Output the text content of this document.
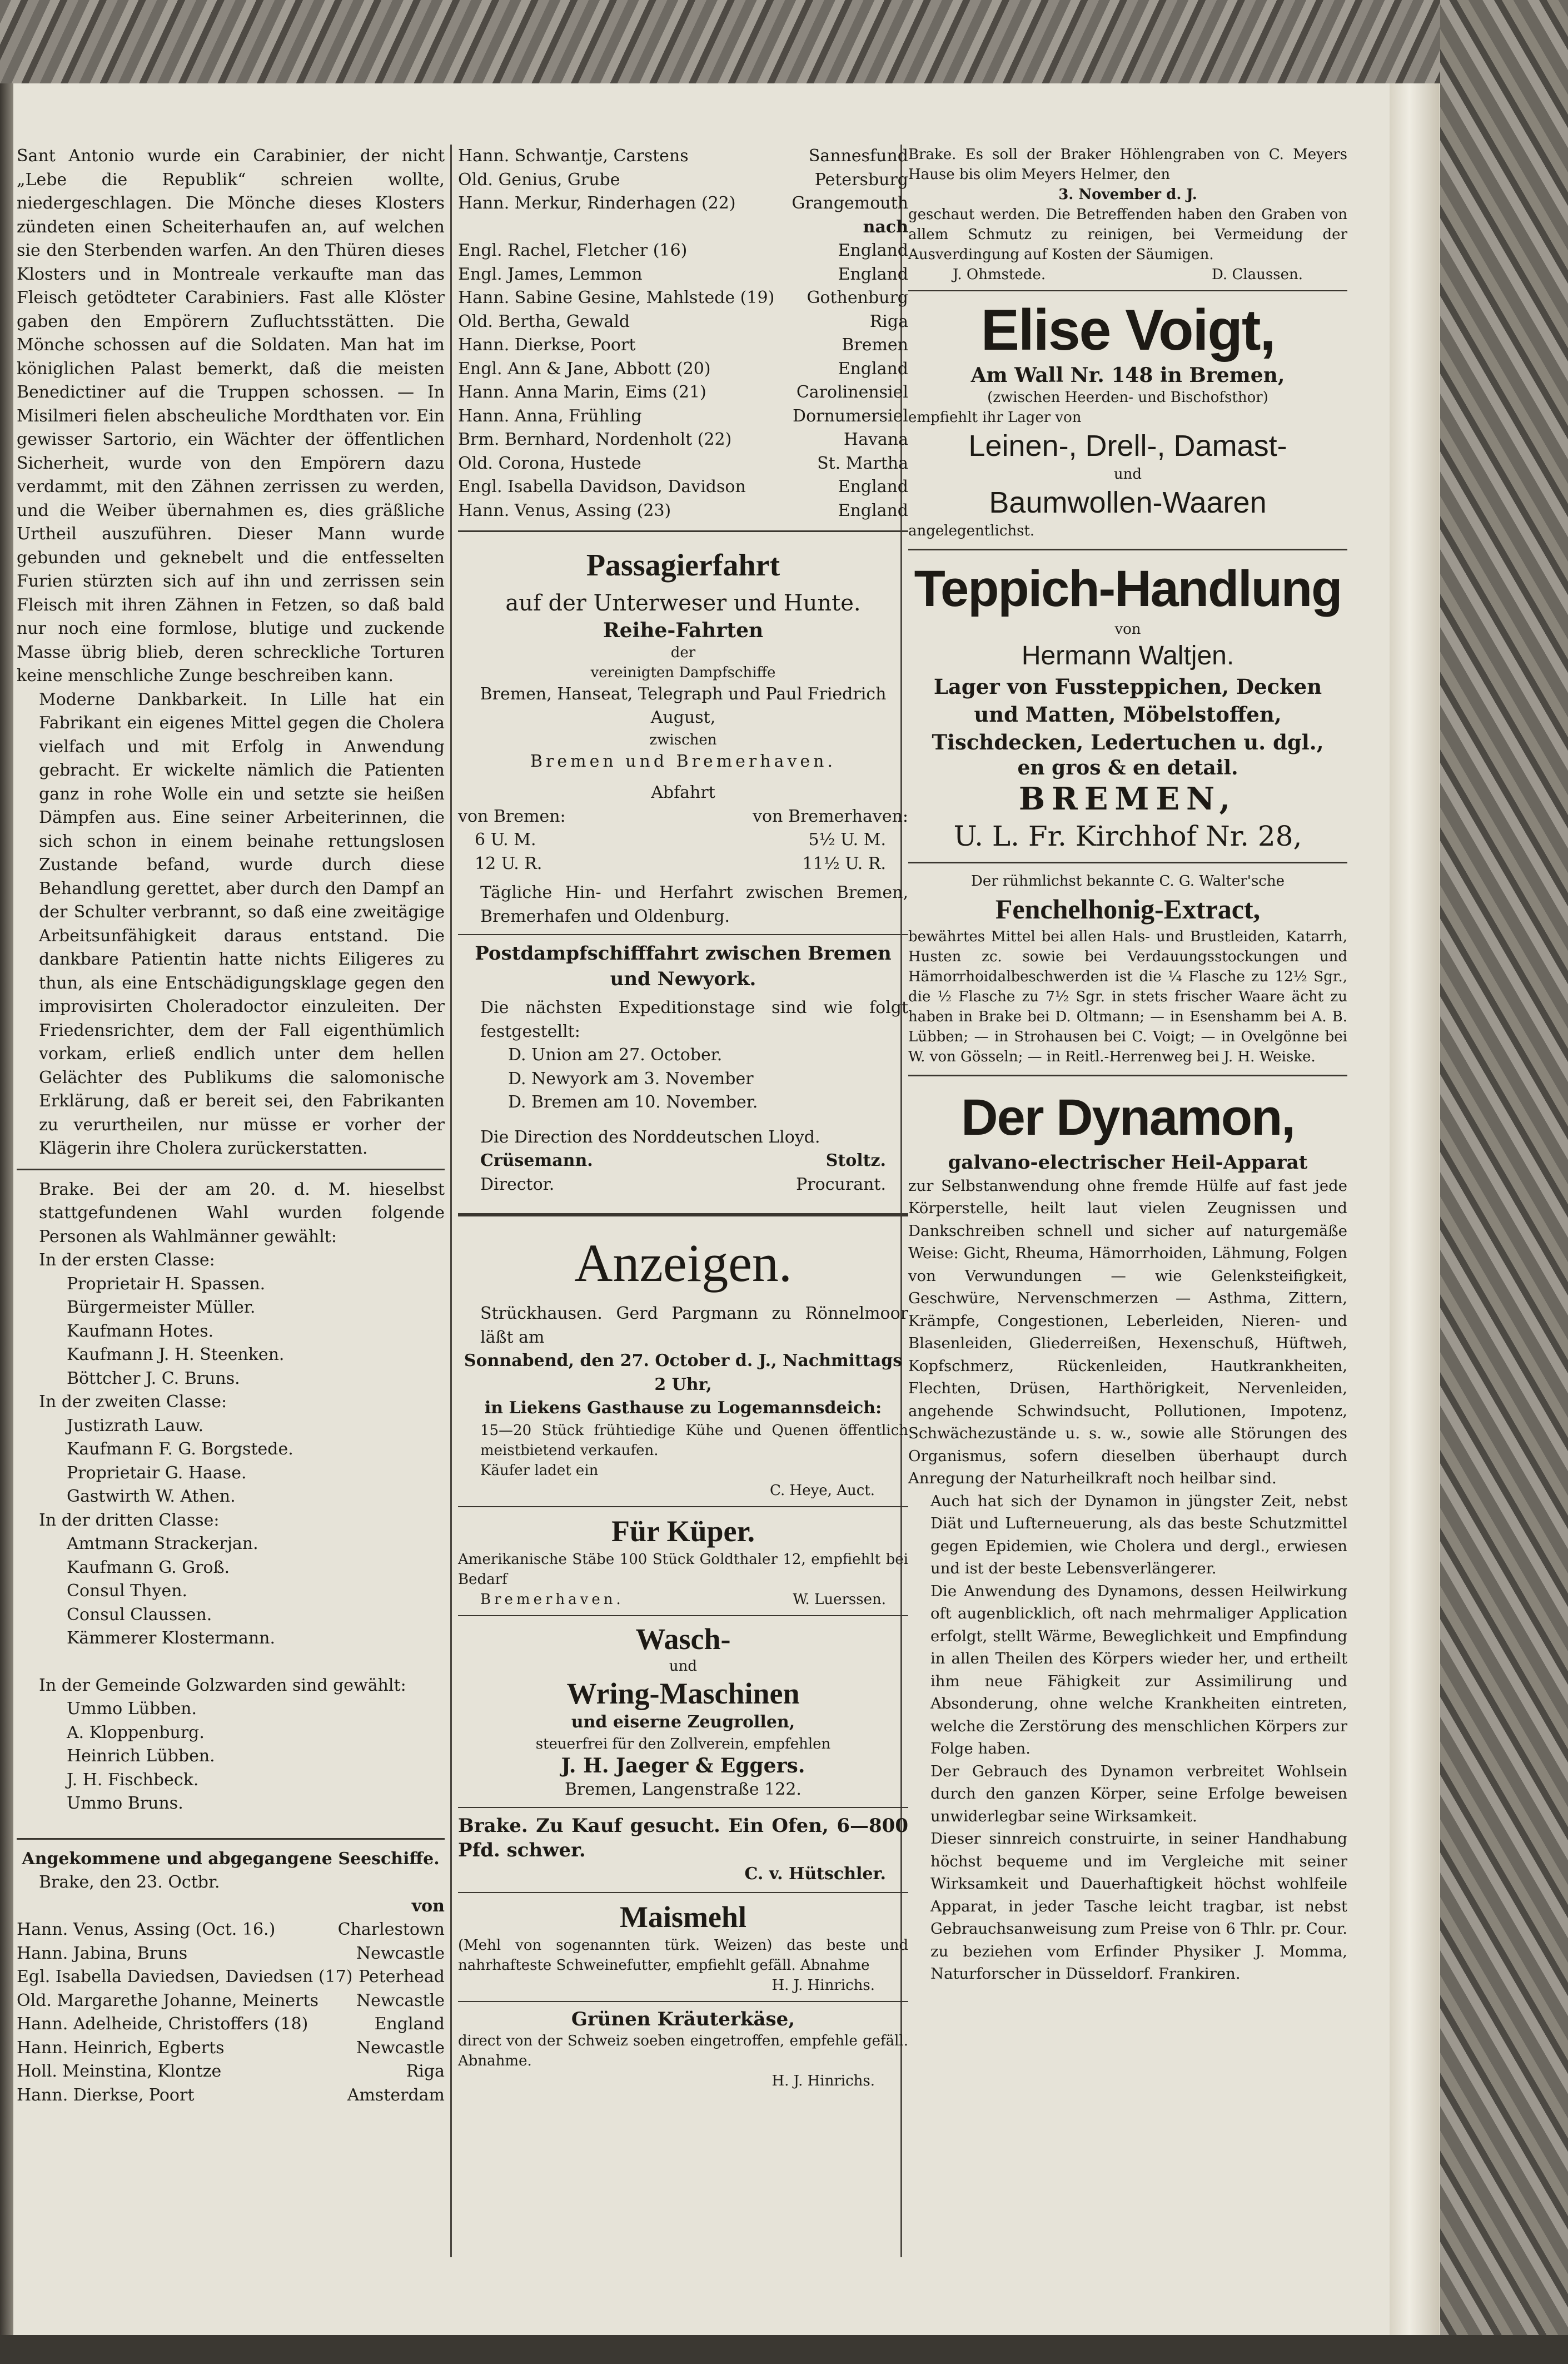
Sant Antonio wurde ein Carabinier, der nicht „Lebe die Republik“ schreien wollte, niedergeschlagen. Die Mönche dieses Klosters zündeten einen Scheiterhaufen an, auf welchen sie den Sterbenden warfen. An den Thüren dieses Klosters und in Montreale verkaufte man das Fleisch getödteter Carabiniers. Fast alle Klöster gaben den Empörern Zufluchtsstätten. Die Mönche schossen auf die Soldaten. Man hat im königlichen Palast bemerkt, daß die meisten Benedictiner auf die Truppen schossen. — In Misilmeri fielen abscheuliche Mordthaten vor. Ein gewisser Sartorio, ein Wächter der öffentlichen Sicherheit, wurde von den Empörern dazu verdammt, mit den Zähnen zerrissen zu werden, und die Weiber übernahmen es, dies gräßliche Urtheil auszuführen. Dieser Mann wurde gebunden und geknebelt und die entfesselten Furien stürzten sich auf ihn und zerrissen sein Fleisch mit ihren Zähnen in Fetzen, so daß bald nur noch eine formlose, blutige und zuckende Masse übrig blieb, deren schreckliche Torturen keine menschliche Zunge beschreiben kann.

Moderne Dankbarkeit. In Lille hat ein Fabrikant ein eigenes Mittel gegen die Cholera vielfach und mit Erfolg in Anwendung gebracht. Er wickelte nämlich die Patienten ganz in rohe Wolle ein und setzte sie heißen Dämpfen aus. Eine seiner Arbeiterinnen, die sich schon in einem beinahe rettungslosen Zustande befand, wurde durch diese Behandlung gerettet, aber durch den Dampf an der Schulter verbrannt, so daß eine zweitägige Arbeitsunfähigkeit daraus entstand. Die dankbare Patientin hatte nichts Eiligeres zu thun, als eine Entschädigungsklage gegen den improvisirten Choleradoctor einzuleiten. Der Friedensrichter, dem der Fall eigenthümlich vorkam, erließ endlich unter dem hellen Gelächter des Publikums die salomonische Erklärung, daß er bereit sei, den Fabrikanten zu verurtheilen, nur müsse er vorher der Klägerin ihre Cholera zurückerstatten.

Brake. Bei der am 20. d. M. hieselbst stattgefundenen Wahl wurden folgende Personen als Wahlmänner gewählt:

In der ersten Classe:
Proprietair H. Spassen.
Bürgermeister Müller.
Kaufmann Hotes.
Kaufmann J. H. Steenken.
Böttcher J. C. Bruns.
In der zweiten Classe:
Justizrath Lauw.
Kaufmann F. G. Borgstede.
Proprietair G. Haase.
Gastwirth W. Athen.
In der dritten Classe:
Amtmann Strackerjan.
Kaufmann G. Groß.
Consul Thyen.
Consul Claussen.
Kämmerer Klostermann.

In der Gemeinde Golzwarden sind gewählt:

Ummo Lübben.
A. Kloppenburg.
Heinrich Lübben.
J. H. Fischbeck.
Ummo Bruns.
Angekommene und abgegangene Seeschiffe.
Brake, den 23. Octbr.
von
Hann. Venus, Assing (Oct. 16.)	Charlestown
Hann. Jabina, Bruns	Newcastle
Egl. Isabella Daviedsen, Daviedsen (17) Peterhead
Old. Margarethe Johanne, Meinerts Newcastle
Hann. Adelheide, Christoffers (18)	England
Hann. Heinrich, Egberts	Newcastle
Holl. Meinstina, Klontze	Riga
Hann. Dierkse, Poort	Amsterdam
Hann. Schwantje, Carstens	Sannesfund
Old. Genius, Grube	Petersburg
Hann. Merkur, Rinderhagen (22)	Grangemouth
nach
Engl. Rachel, Fletcher (16)	England
Engl. James, Lemmon	England
Hann. Sabine Gesine, Mahlstede (19) Gothenburg
Old. Bertha, Gewald	Riga
Hann. Dierkse, Poort	Bremen
Engl. Ann & Jane, Abbott (20)	England
Hann. Anna Marin, Eims (21)	Carolinensiel
Hann. Anna, Frühling	Dornumersiel
Brm. Bernhard, Nordenholt (22)	Havana
Old. Corona, Hustede	St. Martha
Engl. Isabella Davidson, Davidson	England
Hann. Venus, Assing (23)	England
Passagierfahrt
auf der Unterweser und Hunte.
Reihe-Fahrten
der
vereinigten Dampfschiffe
Bremen, Hanseat, Telegraph und Paul Friedrich August,
zwischen
Bremen und Bremerhaven.
Abfahrt
von Bremen:	von Bremerhaven:
6 U. M.	5½ U. M.
12 U. R.	11½ U. R.

Tägliche Hin- und Herfahrt zwischen Bremen, Bremerhafen und Oldenburg.

Postdampfschifffahrt zwischen Bremen und Newyork.

Die nächsten Expeditionstage sind wie folgt festgestellt:

D. Union am 27. October.
D. Newyork am 3. November
D. Bremen am 10. November.
Die Direction des Norddeutschen Lloyd.
Crüsemann.	Stoltz.
Director.	Procurant.
Anzeigen.

Strückhausen. Gerd Pargmann zu Rönnelmoor läßt am

Sonnabend, den 27. October d. J., Nachmittags 2 Uhr,
in Liekens Gasthause zu Logemannsdeich:

15—20 Stück frühtiedige Kühe und Quenen öffentlich meistbietend verkaufen.

Käufer ladet ein
C. Heye, Auct.
Für Küper.

Amerikanische Stäbe 100 Stück Goldthaler 12, empfiehlt bei Bedarf

Bremerhaven.	W. Luerssen.
Wasch-
und
Wring-Maschinen
und eiserne Zeugrollen,
steuerfrei für den Zollverein, empfehlen
J. H. Jaeger & Eggers.
Bremen, Langenstraße 122.

Brake. Zu Kauf gesucht. Ein Ofen, 6—800 Pfd. schwer.

C. v. Hütschler.
Maismehl

(Mehl von sogenannten türk. Weizen) das beste und nahrhafteste Schweinefutter, empfiehlt gefäll. Abnahme

H. J. Hinrichs.
Grünen Kräuterkäse,

direct von der Schweiz soeben eingetroffen, empfehle gefäll. Abnahme.

H. J. Hinrichs.

Brake. Es soll der Braker Höhlengraben von C. Meyers Hause bis olim Meyers Helmer, den

3. November d. J.

geschaut werden. Die Betreffenden haben den Graben von allem Schmutz zu reinigen, bei Vermeidung der Ausverdingung auf Kosten der Säumigen.

J. Ohmstede.	D. Claussen.
Elise Voigt,
Am Wall Nr. 148 in Bremen,
(zwischen Heerden- und Bischofsthor)
empfiehlt ihr Lager von
Leinen-, Drell-, Damast-
und
Baumwollen-Waaren
angelegentlichst.
Teppich-Handlung
von
Hermann Waltjen.

Lager von Fussteppichen, Decken und Matten, Möbelstoffen, Tischdecken, Ledertuchen u. dgl.,

en gros & en detail.
BREMEN,
U. L. Fr. Kirchhof Nr. 28,
Der rühmlichst bekannte C. G. Walter'sche
Fenchelhonig-Extract,

bewährtes Mittel bei allen Hals- und Brustleiden, Katarrh, Husten zc. sowie bei Verdauungsstockungen und Hämorrhoidalbeschwerden ist die ¼ Flasche zu 12½ Sgr., die ½ Flasche zu 7½ Sgr. in stets frischer Waare ächt zu haben in Brake bei D. Oltmann; — in Esenshamm bei A. B. Lübben; — in Strohausen bei C. Voigt; — in Ovelgönne bei W. von Gösseln; — in Reitl.-Herrenweg bei J. H. Weiske.

Der Dynamon,
galvano-electrischer Heil-Apparat

zur Selbstanwendung ohne fremde Hülfe auf fast jede Körperstelle, heilt laut vielen Zeugnissen und Dankschreiben schnell und sicher auf naturgemäße Weise: Gicht, Rheuma, Hämorrhoiden, Lähmung, Folgen von Verwundungen — wie Gelenksteifigkeit, Geschwüre, Nervenschmerzen — Asthma, Zittern, Krämpfe, Congestionen, Leberleiden, Nieren- und Blasenleiden, Gliederreißen, Hexenschuß, Hüftweh, Kopfschmerz, Rückenleiden, Hautkrankheiten, Flechten, Drüsen, Harthörigkeit, Nervenleiden, angehende Schwindsucht, Pollutionen, Impotenz, Schwächezustände u. s. w., sowie alle Störungen des Organismus, sofern dieselben überhaupt durch Anregung der Naturheilkraft noch heilbar sind.

Auch hat sich der Dynamon in jüngster Zeit, nebst Diät und Lufterneuerung, als das beste Schutzmittel gegen Epidemien, wie Cholera und dergl., erwiesen und ist der beste Lebensverlängerer.

Die Anwendung des Dynamons, dessen Heilwirkung oft augenblicklich, oft nach mehrmaliger Application erfolgt, stellt Wärme, Beweglichkeit und Empfindung in allen Theilen des Körpers wieder her, und ertheilt ihm neue Fähigkeit zur Assimilirung und Absonderung, ohne welche Krankheiten eintreten, welche die Zerstörung des menschlichen Körpers zur Folge haben.

Der Gebrauch des Dynamon verbreitet Wohlsein durch den ganzen Körper, seine Erfolge beweisen unwiderlegbar seine Wirksamkeit.

Dieser sinnreich construirte, in seiner Handhabung höchst bequeme und im Vergleiche mit seiner Wirksamkeit und Dauerhaftigkeit höchst wohlfeile Apparat, in jeder Tasche leicht tragbar, ist nebst Gebrauchsanweisung zum Preise von 6 Thlr. pr. Cour. zu beziehen vom Erfinder Physiker J. Momma, Naturforscher in Düsseldorf. Frankiren.
